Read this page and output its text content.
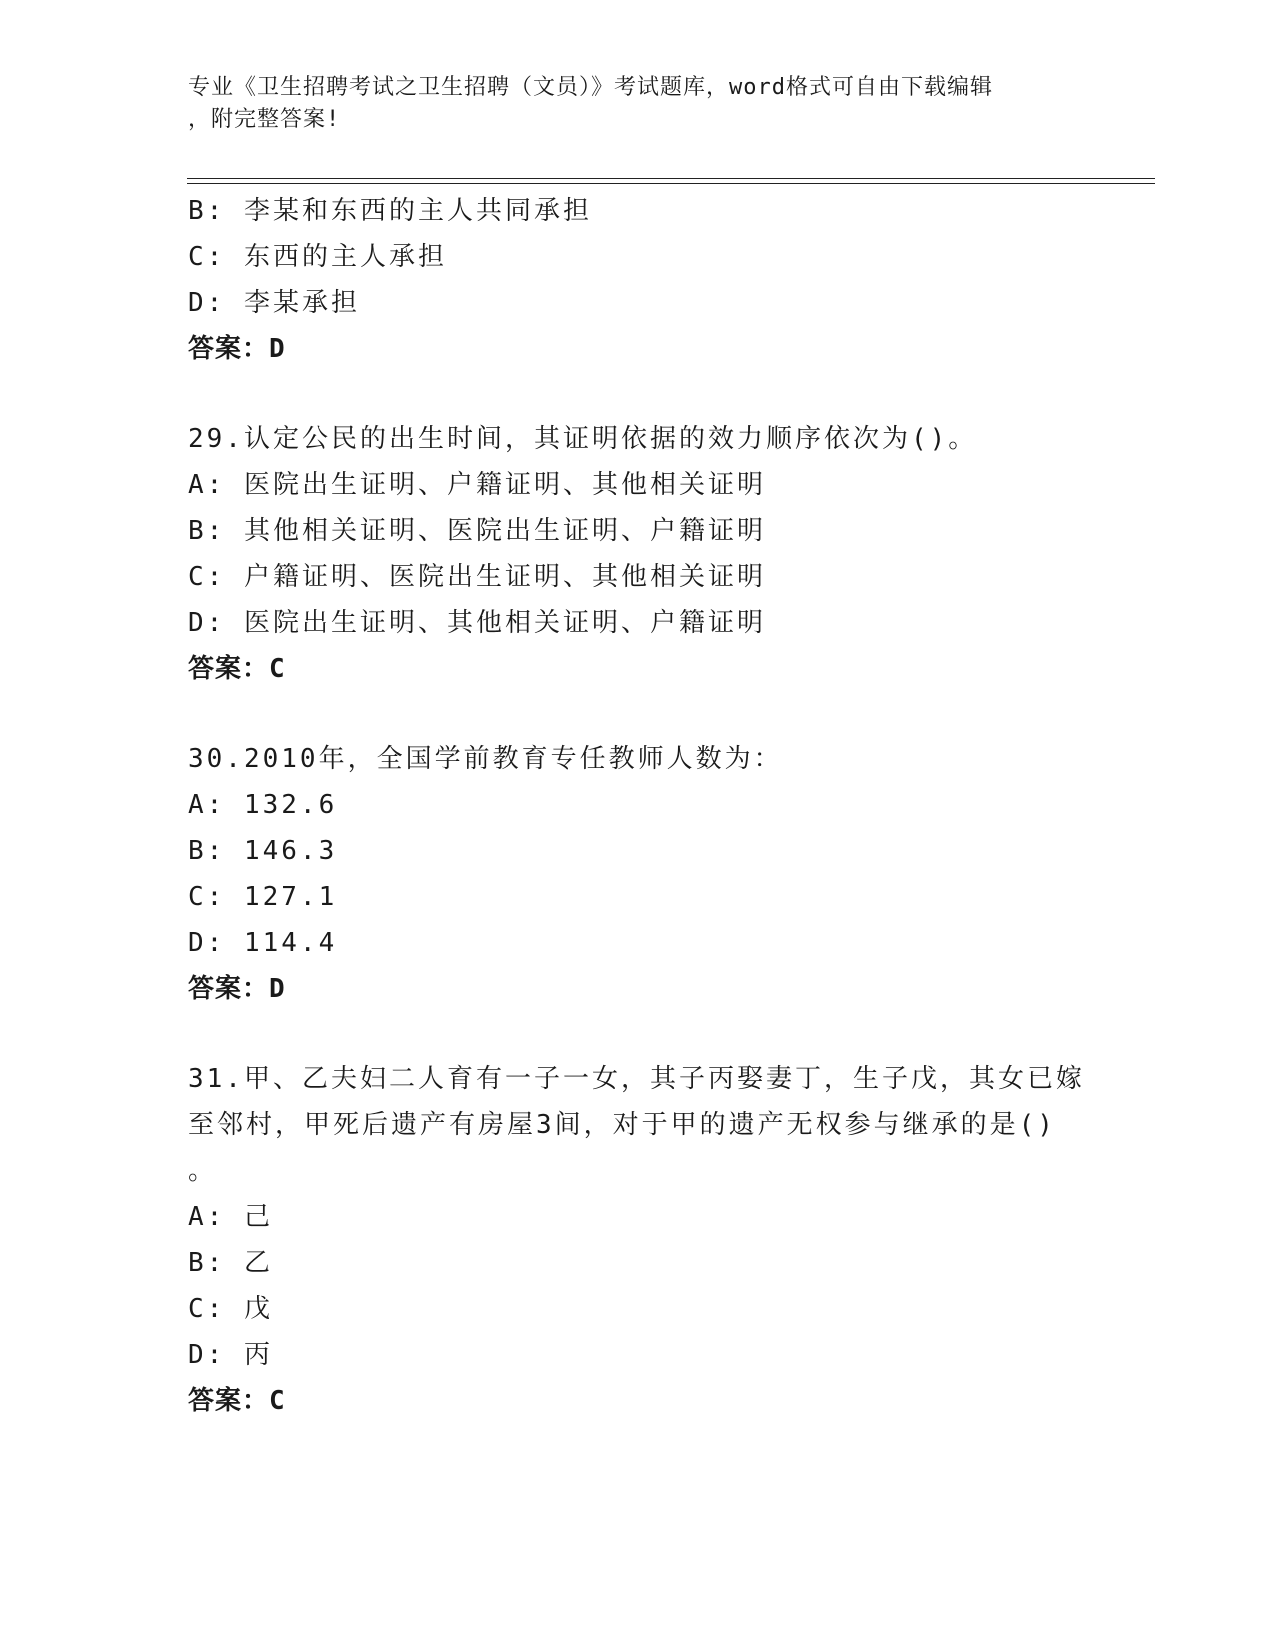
专业《卫生招聘考试之卫生招聘（文员）》考试题库，word格式可自由下载编辑
，附完整答案!
B: 李某和东西的主人共同承担
C: 东西的主人承担
D: 李某承担
答案：D
29.认定公民的出生时间，其证明依据的效力顺序依次为()。
A: 医院出生证明、户籍证明、其他相关证明
B: 其他相关证明、医院出生证明、户籍证明
C: 户籍证明、医院出生证明、其他相关证明
D: 医院出生证明、其他相关证明、户籍证明
答案：C
30.2010年，全国学前教育专任教师人数为：
A: 132.6
B: 146.3
C: 127.1
D: 114.4
答案：D
31.甲、乙夫妇二人育有一子一女，其子丙娶妻丁，生子戊，其女已嫁
至邻村，甲死后遗产有房屋3间，对于甲的遗产无权参与继承的是()
。
A: 己
B: 乙
C: 戊
D: 丙
答案：C
